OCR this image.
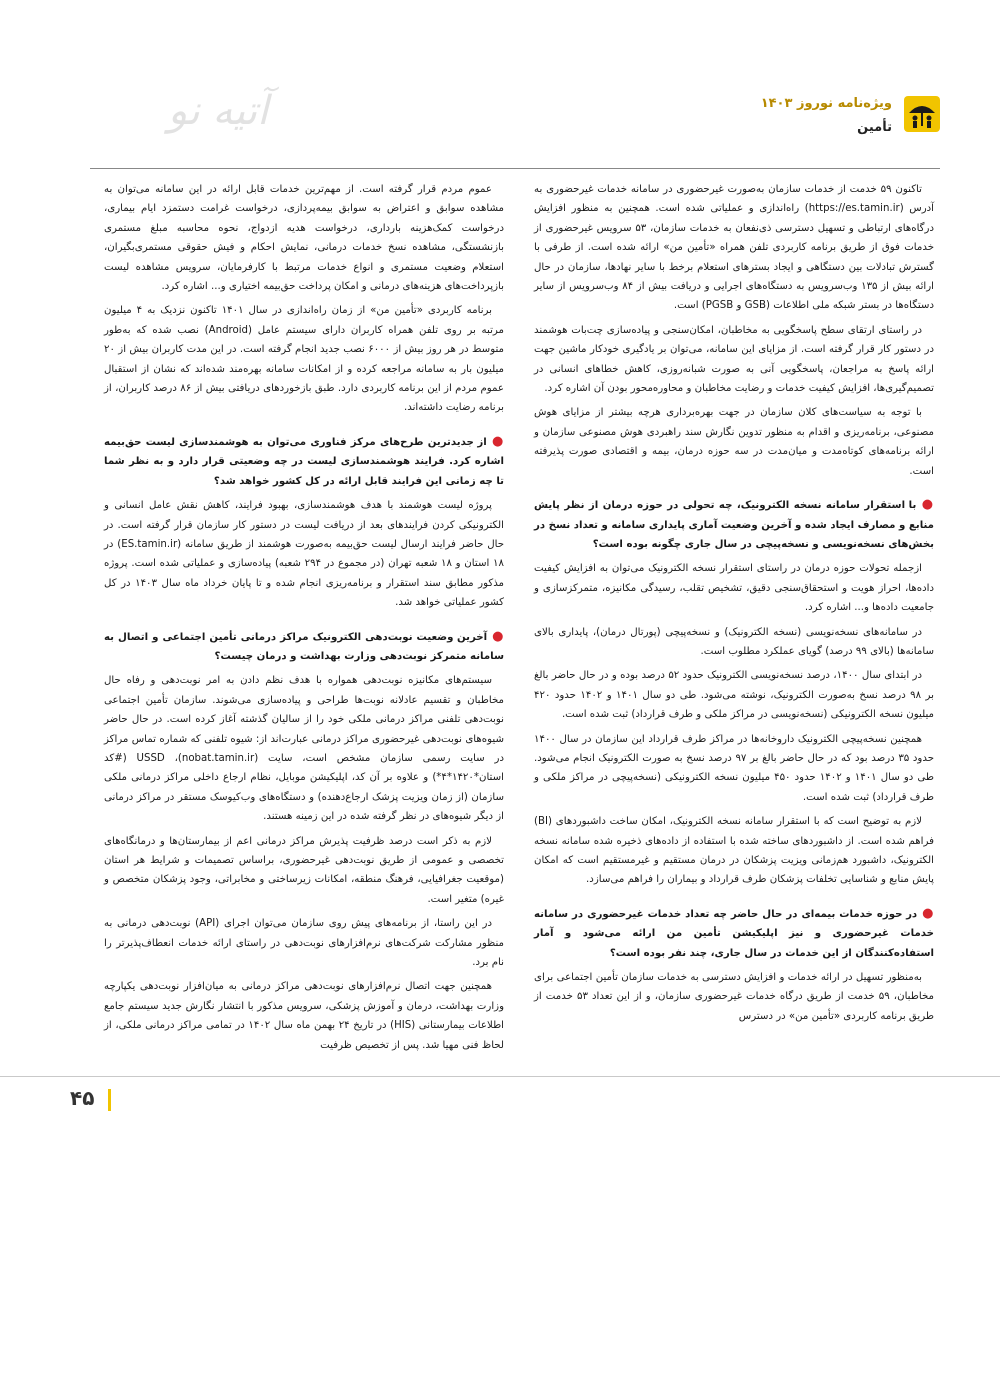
ویژه‌نامه نوروز ۱۴۰۳
تأمین
آتیه نو

تاکنون ۵۹ خدمت از خدمات سازمان به‌صورت غیرحضوری در سامانه خدمات غیرحضوری به آدرس (https://es.tamin.ir) راه‌اندازی و عملیاتی شده است. همچنین به منظور افزایش درگاه‌های ارتباطی و تسهیل دسترسی ذی‌نفعان به خدمات سازمان، ۵۳ سرویس غیرحضوری از خدمات فوق از طریق برنامه کاربردی تلفن همراه «تأمین من» ارائه شده است. از طرفی با گسترش تبادلات بین دستگاهی و ایجاد بسترهای استعلام برخط با سایر نهادها، سازمان در حال ارائه بیش از ۱۳۵ وب‌سرویس به دستگاه‌های اجرایی و دریافت بیش از ۸۴ وب‌سرویس از سایر دستگاه‌ها در بستر شبکه ملی اطلاعات (GSB و PGSB) است.

در راستای ارتقای سطح پاسخگویی به مخاطبان، امکان‌سنجی و پیاده‌سازی چت‌بات هوشمند در دستور کار قرار گرفته است. از مزایای این سامانه، می‌توان بر یادگیری خودکار ماشین جهت ارائه پاسخ به مراجعان، پاسخگویی آنی به صورت شبانه‌روزی، کاهش خطاهای انسانی در تصمیم‌گیری‌ها، افزایش کیفیت خدمات و رضایت مخاطبان و محاوره‌محور بودن آن اشاره کرد.

با توجه به سیاست‌های کلان سازمان در جهت بهره‌برداری هرچه بیشتر از مزایای هوش مصنوعی، برنامه‌ریزی و اقدام به منظور تدوین نگارش سند راهبردی هوش مصنوعی سازمان و ارائه برنامه‌های کوتاه‌مدت و میان‌مدت در سه حوزه درمان، بیمه و اقتصادی صورت پذیرفته است.

● با استقرار سامانه نسخه الکترونیک، چه تحولی در حوزه درمان از نظر پایش منابع و مصارف ایجاد شده و آخرین وضعیت آماری پایداری سامانه و تعداد نسخ در بخش‌های نسخه‌نویسی و نسخه‌پیچی در سال جاری چگونه بوده است؟

ازجمله تحولات حوزه درمان در راستای استقرار نسخه الکترونیک می‌توان به افزایش کیفیت داده‌ها، احراز هویت و استحقاق‌سنجی دقیق، تشخیص تقلب، رسیدگی مکانیزه، متمرکزسازی و جامعیت داده‌ها و... اشاره کرد.

در سامانه‌های نسخه‌نویسی (نسخه الکترونیک) و نسخه‌پیچی (پورتال درمان)، پایداری بالای سامانه‌ها (بالای ۹۹ درصد) گویای عملکرد مطلوب است.

در ابتدای سال ۱۴۰۰، درصد نسخه‌نویسی الکترونیک حدود ۵۲ درصد بوده و در حال حاضر بالغ بر ۹۸ درصد نسخ به‌صورت الکترونیک، نوشته می‌شود. طی دو سال ۱۴۰۱ و ۱۴۰۲ حدود ۴۲۰ میلیون نسخه الکترونیکی (نسخه‌نویسی در مراکز ملکی و طرف قرارداد) ثبت شده است.

همچنین نسخه‌پیچی الکترونیک داروخانه‌ها در مراکز طرف قرارداد این سازمان در سال ۱۴۰۰ حدود ۳۵ درصد بود که در حال حاضر بالغ بر ۹۷ درصد نسخ به صورت الکترونیک انجام می‌شود. طی دو سال ۱۴۰۱ و ۱۴۰۲ حدود ۴۵۰ میلیون نسخه الکترونیکی (نسخه‌پیچی در مراکز ملکی و طرف قرارداد) ثبت شده است.

لازم به توضیح است که با استقرار سامانه نسخه الکترونیک، امکان ساخت داشبوردهای (BI) فراهم شده است. از داشبوردهای ساخته شده با استفاده از داده‌های ذخیره شده سامانه نسخه الکترونیک، داشبورد هم‌زمانی ویزیت پزشکان در درمان مستقیم و غیرمستقیم است که امکان پایش منابع و شناسایی تخلفات پزشکان طرف قرارداد و بیماران را فراهم می‌سازد.

● در حوزه خدمات بیمه‌ای در حال حاضر چه تعداد خدمات غیرحضوری در سامانه خدمات غیرحضوری و نیز اپلیکیشن تأمین من ارائه می‌شود و آمار استفاده‌کنندگان از این خدمات در سال جاری، چند نفر بوده است؟

به‌منظور تسهیل در ارائه خدمات و افزایش دسترسی به خدمات سازمان تأمین اجتماعی برای مخاطبان، ۵۹ خدمت از طریق درگاه خدمات غیرحضوری سازمان، و از این تعداد ۵۳ خدمت از طریق برنامه کاربردی «تأمین من» در دسترس

عموم مردم قرار گرفته است. از مهم‌ترین خدمات قابل ارائه در این سامانه می‌توان به مشاهده سوابق و اعتراض به سوابق بیمه‌پردازی، درخواست غرامت دستمزد ایام بیماری، درخواست کمک‌هزینه بارداری، درخواست هدیه ازدواج، نحوه محاسبه مبلغ مستمری بازنشستگی، مشاهده نسخ خدمات درمانی، نمایش احکام و فیش حقوقی مستمری‌بگیران، استعلام وضعیت مستمری و انواع خدمات مرتبط با کارفرمایان، سرویس مشاهده لیست بازپرداخت‌های هزینه‌های درمانی و امکان پرداخت حق‌بیمه اختیاری و... اشاره کرد.

برنامه کاربردی «تأمین من» از زمان راه‌اندازی در سال ۱۴۰۱ تاکنون نزدیک به ۴ میلیون مرتبه بر روی تلفن همراه کاربران دارای سیستم عامل (Android) نصب شده که به‌طور متوسط در هر روز بیش از ۶۰۰۰ نصب جدید انجام گرفته است. در این مدت کاربران بیش از ۲۰ میلیون بار به سامانه مراجعه کرده و از امکانات سامانه بهره‌مند شده‌اند که نشان از استقبال عموم مردم از این برنامه کاربردی دارد. طبق بازخوردهای دریافتی بیش از ۸۶ درصد کاربران، از برنامه رضایت داشته‌اند.

● از جدیدترین طرح‌های مرکز فناوری می‌توان به هوشمندسازی لیست حق‌بیمه اشاره کرد. فرایند هوشمندسازی لیست در چه وضعیتی قرار دارد و به نظر شما تا چه زمانی این فرایند قابل ارائه در کل کشور خواهد شد؟

پروژه لیست هوشمند با هدف هوشمندسازی، بهبود فرایند، کاهش نقش عامل انسانی و الکترونیکی کردن فرایندهای بعد از دریافت لیست در دستور کار سازمان قرار گرفته است. در حال حاضر فرایند ارسال لیست حق‌بیمه به‌صورت هوشمند از طریق سامانه (ES.tamin.ir) در ۱۸ استان و ۱۸ شعبه تهران (در مجموع در ۲۹۴ شعبه) پیاده‌سازی و عملیاتی شده است. پروژه مذکور مطابق سند استقرار و برنامه‌ریزی انجام شده و تا پایان خرداد ماه سال ۱۴۰۳ در کل کشور عملیاتی خواهد شد.

● آخرین وضعیت نوبت‌دهی الکترونیک مراکز درمانی تأمین اجتماعی و اتصال به سامانه متمرکز نوبت‌دهی وزارت بهداشت و درمان چیست؟

سیستم‌های مکانیزه نوبت‌دهی همواره با هدف نظم دادن به امر نوبت‌دهی و رفاه حال مخاطبان و تقسیم عادلانه نوبت‌ها طراحی و پیاده‌سازی می‌شوند. سازمان تأمین اجتماعی نوبت‌دهی تلفنی مراکز درمانی ملکی خود را از سالیان گذشته آغاز کرده است. در حال حاضر شیوه‌های نوبت‌دهی غیرحضوری مراکز درمانی عبارت‌اند از: شیوه تلفنی که شماره تماس مراکز در سایت رسمی سازمان مشخص است، سایت (nobat.tamin.ir)، USSD (#کد استان*۱۴۲۰*۴*) و علاوه بر آن کد، اپلیکیشن موبایل، نظام ارجاع داخلی مراکز درمانی ملکی سازمان (از زمان ویزیت پزشک ارجاع‌دهنده) و دستگاه‌های وب‌کیوسک مستقر در مراکز درمانی از دیگر شیوه‌های در نظر گرفته شده در این زمینه هستند.

لازم به ذکر است درصد ظرفیت پذیرش مراکز درمانی اعم از بیمارستان‌ها و درمانگاه‌های تخصصی و عمومی از طریق نوبت‌دهی غیرحضوری، براساس تصمیمات و شرایط هر استان (موقعیت جغرافیایی، فرهنگ منطقه، امکانات زیرساختی و مخابراتی، وجود پزشکان متخصص و غیره) متغیر است.

در این راستا، از برنامه‌های پیش روی سازمان می‌توان اجرای (API) نوبت‌دهی درمانی به منظور مشارکت شرکت‌های نرم‌افزارهای نوبت‌دهی در راستای ارائه خدمات انعطاف‌پذیرتر را نام برد.

همچنین جهت اتصال نرم‌افزارهای نوبت‌دهی مراکز درمانی به میان‌افزار نوبت‌دهی یکپارچه وزارت بهداشت، درمان و آموزش پزشکی، سرویس مذکور با انتشار نگارش جدید سیستم جامع اطلاعات بیمارستانی (HIS) در تاریخ ۲۴ بهمن ماه سال ۱۴۰۲ در تمامی مراکز درمانی ملکی، از لحاظ فنی مهیا شد. پس از تخصیص ظرفیت

۴۵
